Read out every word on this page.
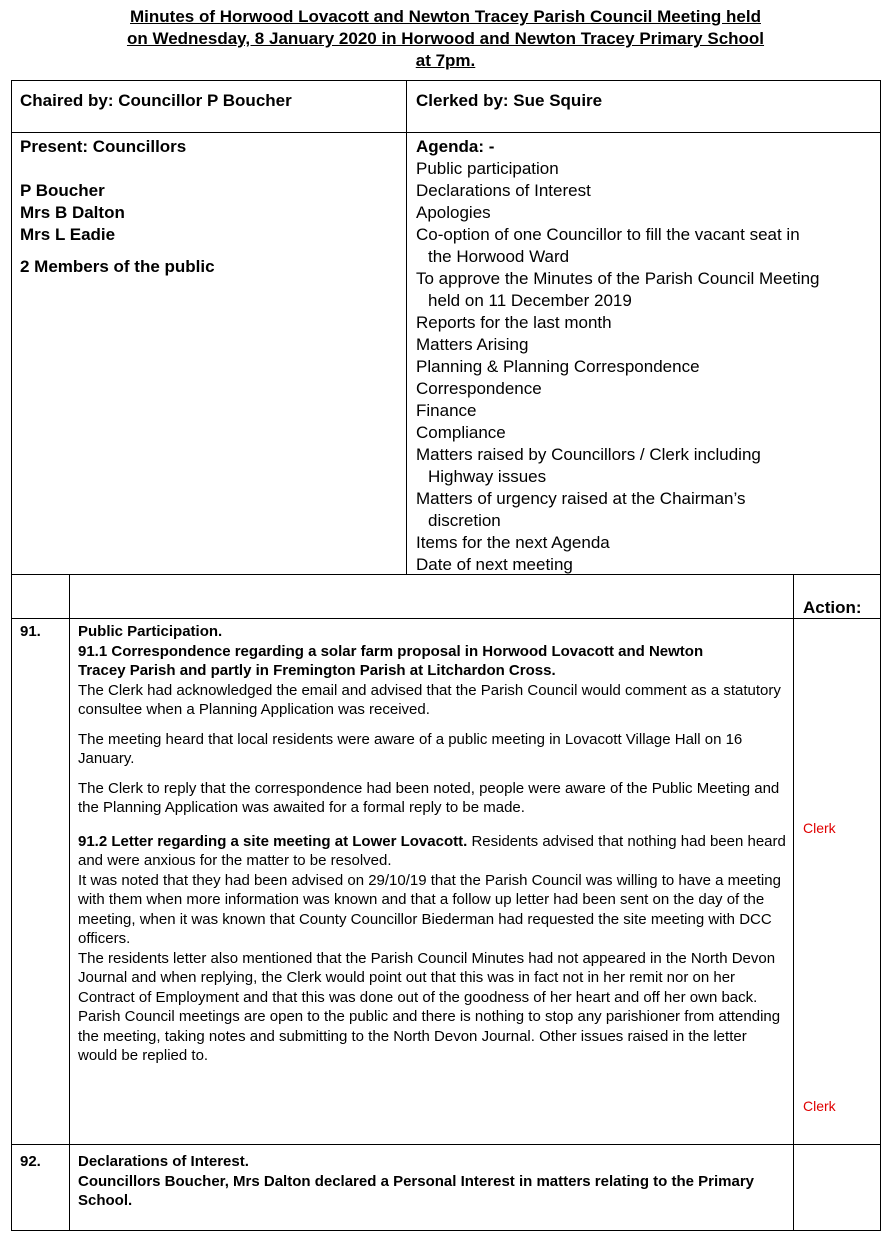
Minutes of Horwood Lovacott and Newton Tracey Parish Council Meeting held
on Wednesday, 8 January 2020 in Horwood and Newton Tracey Primary School
at 7pm.
Chaired by: Councillor P Boucher	Clerked by: Sue Squire
Present: Councillors
P Boucher
Mrs B Dalton
Mrs L Eadie
2 Members of the public
Agenda: -
Public participation
Declarations of Interest
Apologies
Co-option of one Councillor to fill the vacant seat in
the Horwood Ward
To approve the Minutes of the Parish Council Meeting
held on 11 December 2019
Reports for the last month
Matters Arising
Planning & Planning Correspondence
Correspondence
Finance
Compliance
Matters raised by Councillors / Clerk including
Highway issues
Matters of urgency raised at the Chairman’s
discretion
Items for the next Agenda
Date of next meeting
Action:
91. Public Participation.
91.1 Correspondence regarding a solar farm proposal in Horwood Lovacott and Newton Tracey Parish and partly in Fremington Parish at Litchardon Cross.

The Clerk had acknowledged the email and advised that the Parish Council would comment as a statutory consultee when a Planning Application was received.

The meeting heard that local residents were aware of a public meeting in Lovacott Village Hall on 16 January.

The Clerk to reply that the correspondence had been noted, people were aware of the Public Meeting and the Planning Application was awaited for a formal reply to be made.

91.2 Letter regarding a site meeting at Lower Lovacott. Residents advised that nothing had been heard and were anxious for the matter to be resolved.
It was noted that they had been advised on 29/10/19 that the Parish Council was willing to have a meeting with them when more information was known and that a follow up letter had been sent on the day of the meeting, when it was known that County Councillor Biederman had requested the site meeting with DCC officers.
The residents letter also mentioned that the Parish Council Minutes had not appeared in the North Devon Journal and when replying, the Clerk would point out that this was in fact not in her remit nor on her Contract of Employment and that this was done out of the goodness of her heart and off her own back. Parish Council meetings are open to the public and there is nothing to stop any parishioner from attending the meeting, taking notes and submitting to the North Devon Journal. Other issues raised in the letter would be replied to.
Clerk
Clerk
92. Declarations of Interest.
Councillors Boucher, Mrs Dalton declared a Personal Interest in matters relating to the Primary School.
